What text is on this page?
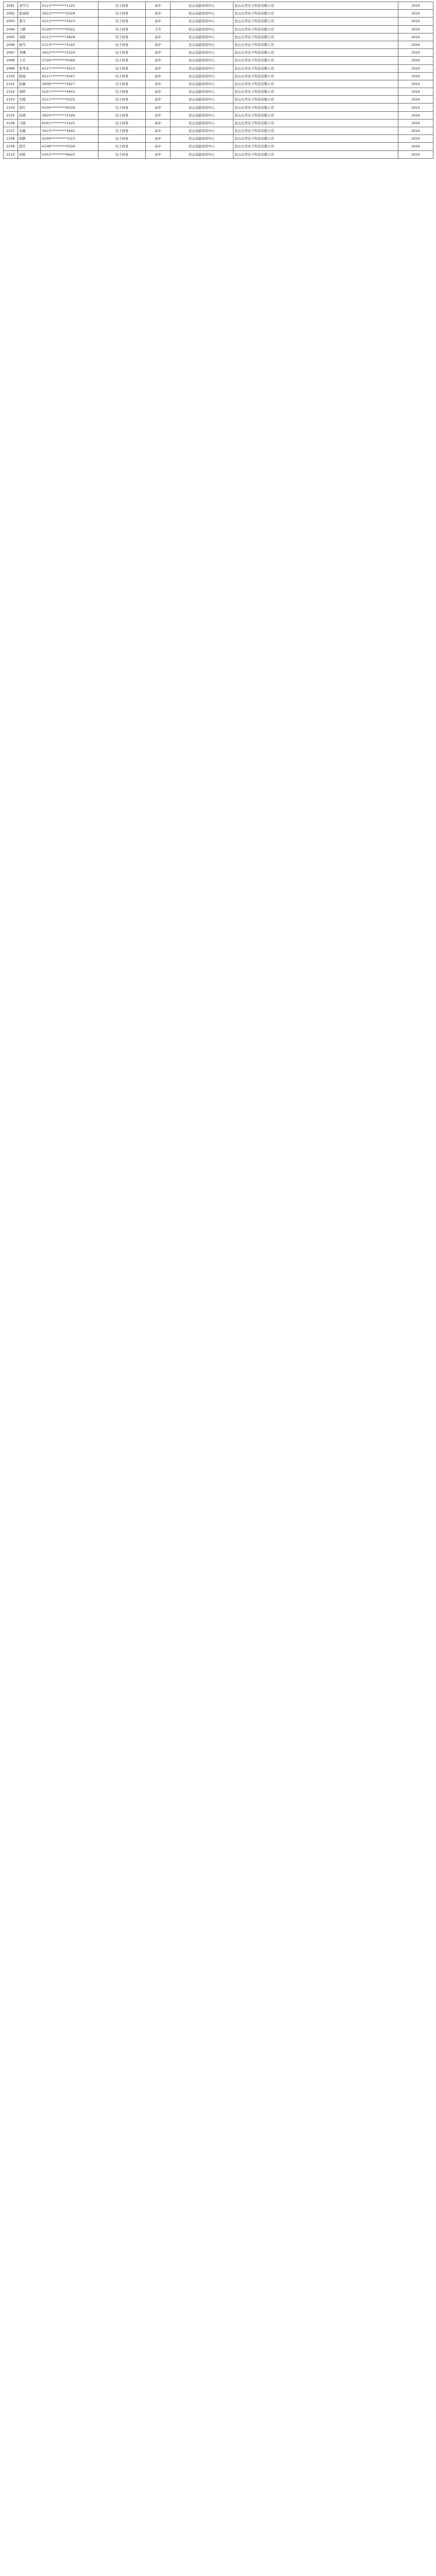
2091	刘雪芬	4113*********1325	电子商务	高中	昆山技能培训中心	昆山东奕电子科技有限公司	2024
2092	张丽娟	3623*********2028	电子商务	高中	昆山技能培训中心	昆山东奕电子科技有限公司	2024
2093	姜文	3213*********1623	电子商务	高中	昆山技能培训中心	昆山东奕电子科技有限公司	2024
2094	王静	4128*********0022	电子商务	大专	昆山技能培训中心	昆山东奕电子科技有限公司	2024
2095	刘艳	4113*********3828	电子商务	高中	昆山技能培训中心	昆山东奕电子科技有限公司	2024
2096	杨雪	5113*********3165	电子商务	高中	昆山技能培训中心	昆山东奕电子科技有限公司	2024
2097	李娜	3412*********2224	电子商务	高中	昆山技能培训中心	昆山东奕电子科技有限公司	2024
2098	王芳	3729*********5066	电子商务	高中	昆山技能培训中心	昆山东奕电子科技有限公司	2024
2099	张秀英	4127*********4523	电子商务	高中	昆山技能培训中心	昆山东奕电子科技有限公司	2024
2100	陈丽	4211*********2047	电子商务	高中	昆山技能培训中心	昆山东奕电子科技有限公司	2024
2101	赵敏	3408*********1827	电子商务	高中	昆山技能培训中心	昆山东奕电子科技有限公司	2024
2102	周婷	5221*********4443	电子商务	高中	昆山技能培训中心	昆山东奕电子科技有限公司	2024
2103	吴霞	3211*********0525	电子商务	高中	昆山技能培训中心	昆山东奕电子科技有限公司	2024
2104	徐红	4104*********6028	电子商务	高中	昆山技能培训中心	昆山东奕电子科技有限公司	2024
2105	孙燕	3624*********2326	电子商务	高中	昆山技能培训中心	昆山东奕电子科技有限公司	2024
2106	马丽	6201*********1425	电子商务	高中	昆山技能培训中心	昆山东奕电子科技有限公司	2024
2107	朱敏	3413*********3642	电子商务	高中	昆山技能培训中心	昆山东奕电子科技有限公司	2024
2108	胡静	4209*********7023	电子商务	高中	昆山技能培训中心	昆山东奕电子科技有限公司	2024
2109	郭芳	4108*********0526	电子商务	高中	昆山技能培训中心	昆山东奕电子科技有限公司	2024
2110	何艳	5003*********6625	电子商务	高中	昆山技能培训中心	昆山东奕电子科技有限公司	2024
